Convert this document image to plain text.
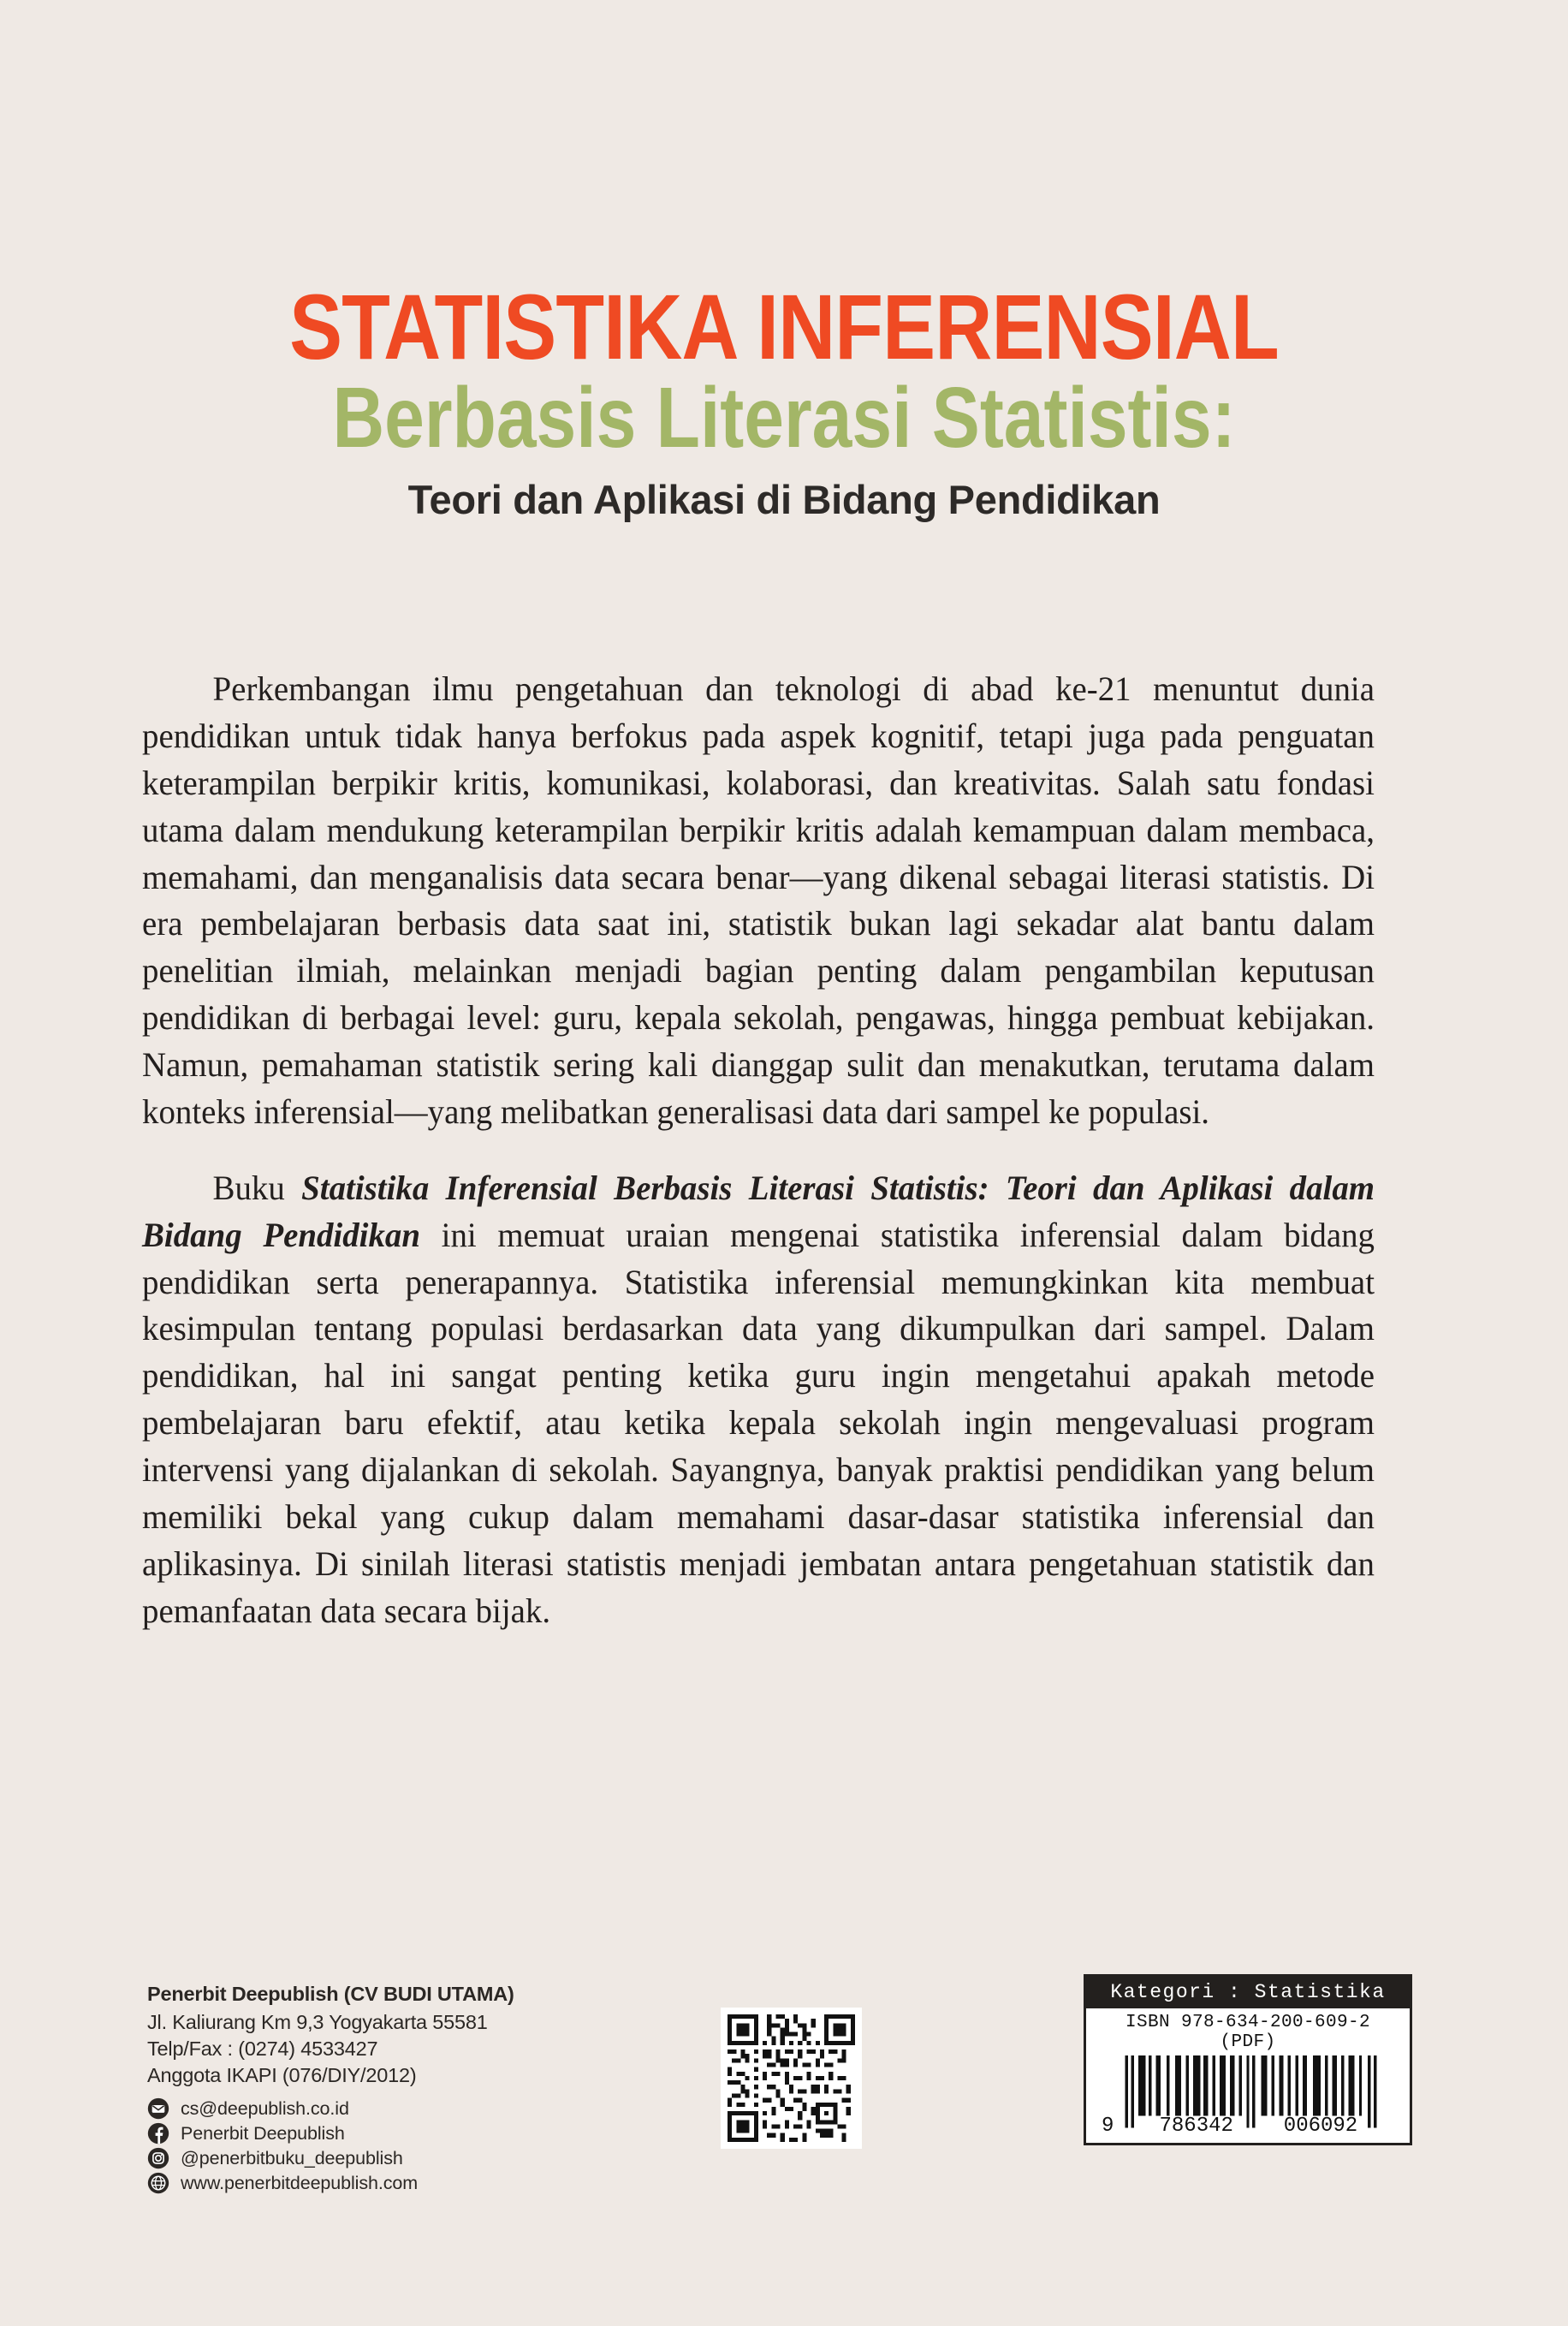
STATISTIKA INFERENSIAL
Berbasis Literasi Statistis:
Teori dan Aplikasi di Bidang Pendidikan

Perkembangan ilmu pengetahuan dan teknologi di abad ke-21 menuntut dunia pendidikan untuk tidak hanya berfokus pada aspek kognitif, tetapi juga pada penguatan keterampilan berpikir kritis, komunikasi, kolaborasi, dan kreativitas. Salah satu fondasi utama dalam mendukung keterampilan berpikir kritis adalah kemampuan dalam membaca, memahami, dan menganalisis data secara benar—yang dikenal sebagai literasi statistis. Di era pembelajaran berbasis data saat ini, statistik bukan lagi sekadar alat bantu dalam penelitian ilmiah, melainkan menjadi bagian penting dalam pengambilan keputusan pendidikan di berbagai level: guru, kepala sekolah, pengawas, hingga pembuat kebijakan. Namun, pemahaman statistik sering kali dianggap sulit dan menakutkan, terutama dalam konteks inferensial—yang melibatkan generalisasi data dari sampel ke populasi.

Buku Statistika Inferensial Berbasis Literasi Statistis: Teori dan Aplikasi dalam Bidang Pendidikan ini memuat uraian mengenai statistika inferensial dalam bidang pendidikan serta penerapannya. Statistika inferensial memungkinkan kita membuat kesimpulan tentang populasi berdasarkan data yang dikumpulkan dari sampel. Dalam pendidikan, hal ini sangat penting ketika guru ingin mengetahui apakah metode pembelajaran baru efektif, atau ketika kepala sekolah ingin mengevaluasi program intervensi yang dijalankan di sekolah. Sayangnya, banyak praktisi pendidikan yang belum memiliki bekal yang cukup dalam memahami dasar-dasar statistika inferensial dan aplikasinya. Di sinilah literasi statistis menjadi jembatan antara pengetahuan statistik dan pemanfaatan data secara bijak.

Penerbit Deepublish (CV BUDI UTAMA)
Jl. Kaliurang Km 9,3 Yogyakarta 55581
Telp/Fax : (0274) 4533427
Anggota IKAPI (076/DIY/2012)
cs@deepublish.co.id
Penerbit Deepublish
@penerbitbuku_deepublish
www.penerbitdeepublish.com
Kategori : Statistika
ISBN 978-634-200-609-2 (PDF)
9	786342	006092
